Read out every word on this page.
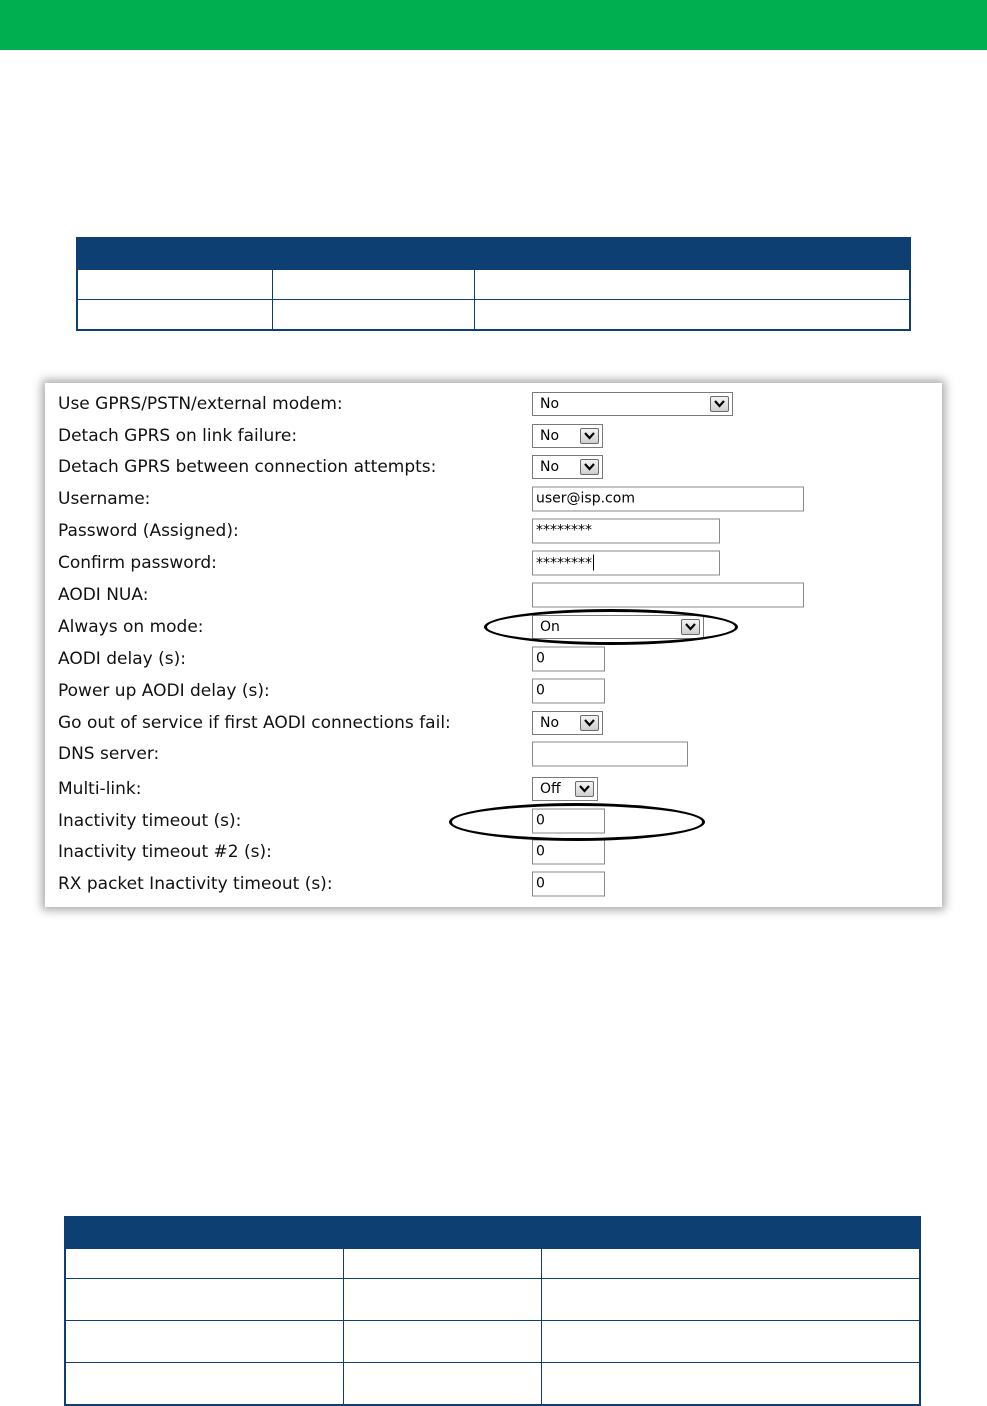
Use GPRS/PSTN/external modem:	No
Detach GPRS on link failure:	No
Detach GPRS between connection attempts:	No
Username:	user@isp.com
Password (Assigned):	********
Confirm password:	********
AODI NUA:
Always on mode:	On
AODI delay (s):	0
Power up AODI delay (s):	0
Go out of service if first AODI connections fail:	No
DNS server:
Multi-link:	Off
Inactivity timeout (s):	0
Inactivity timeout #2 (s):	0
RX packet Inactivity timeout (s):	0
